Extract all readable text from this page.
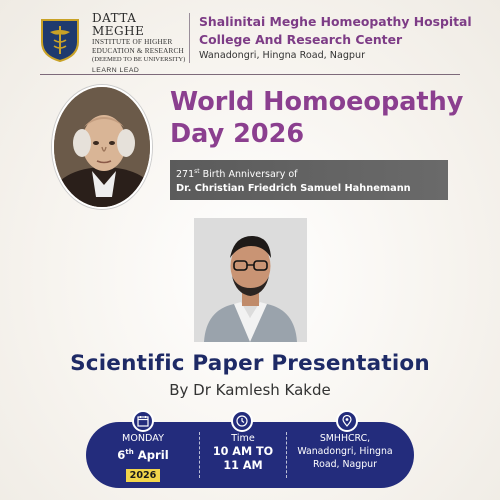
DATTA MEGHE
INSTITUTE OF HIGHER
EDUCATION & RESEARCH
(DEEMED TO BE UNIVERSITY)
LEARN LEAD
Shalinitai Meghe Homeopathy Hospital
College And Research Center
Wanadongri, Hingna Road, Nagpur
World Homoeopathy
Day 2026
271st Birth Anniversary of
Dr. Christian Friedrich Samuel Hahnemann
Scientific Paper Presentation
By Dr Kamlesh Kakde
MONDAY
6th April
2026
Time
10 AM TO
11 AM
SMHHCRC,
Wanadongri, Hingna
Road, Nagpur
